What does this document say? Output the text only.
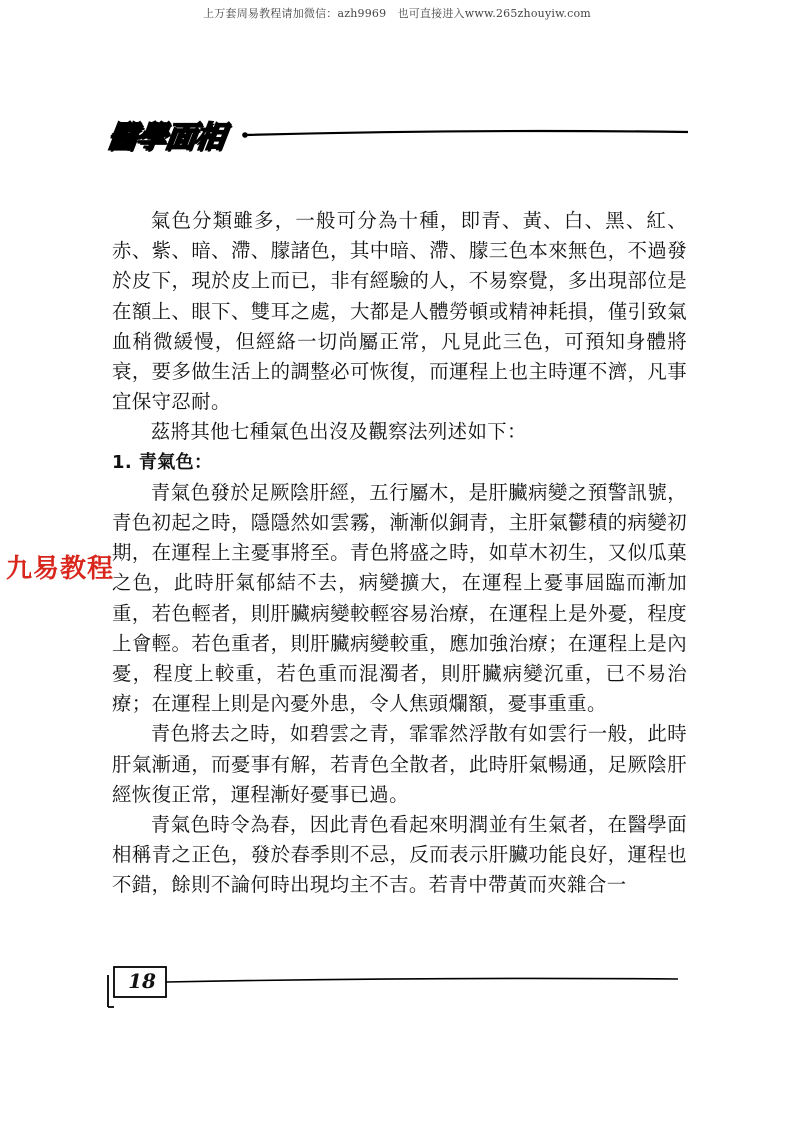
上万套周易教程请加微信：azh9969　也可直接进入www.265zhouyiw.com
醫學面相

氣色分類雖多，一般可分為十種，即青、黃、白、黑、紅、赤、紫、暗、滯、朦諸色，其中暗、滯、朦三色本來無色，不過發於皮下，現於皮上而已，非有經驗的人，不易察覺，多出現部位是在額上、眼下、雙耳之處，大都是人體勞頓或精神耗損，僅引致氣血稍微緩慢，但經絡一切尚屬正常，凡見此三色，可預知身體將衰，要多做生活上的調整必可恢復，而運程上也主時運不濟，凡事宜保守忍耐。

茲將其他七種氣色出沒及觀察法列述如下：

1. 青氣色：

青氣色發於足厥陰肝經，五行屬木，是肝臟病變之預警訊號，青色初起之時，隱隱然如雲霧，漸漸似銅青，主肝氣鬱積的病變初期，在運程上主憂事將至。青色將盛之時，如草木初生，又似瓜菓之色，此時肝氣郁結不去，病變擴大，在運程上憂事屆臨而漸加重，若色輕者，則肝臟病變較輕容易治療，在運程上是外憂，程度上會輕。若色重者，則肝臟病變較重，應加強治療；在運程上是內憂，程度上較重，若色重而混濁者，則肝臟病變沉重，已不易治療；在運程上則是內憂外患，令人焦頭爛額，憂事重重。

青色將去之時，如碧雲之青，霏霏然浮散有如雲行一般，此時肝氣漸通，而憂事有解，若青色全散者，此時肝氣暢通，足厥陰肝經恢復正常，運程漸好憂事已過。

青氣色時令為春，因此青色看起來明潤並有生氣者，在醫學面相稱青之正色，發於春季則不忌，反而表示肝臟功能良好，運程也不錯，餘則不論何時出現均主不吉。若青中帶黃而夾雜合一

九易教程
18
